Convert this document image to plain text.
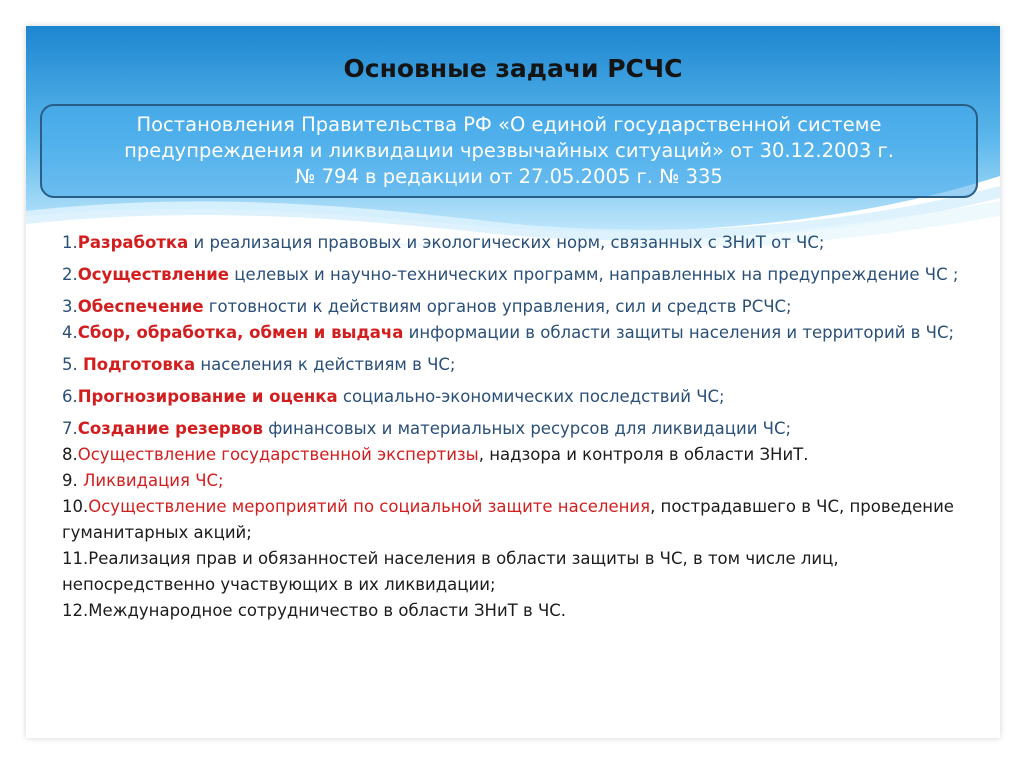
Основные задачи РСЧС

Постановления Правительства РФ «О единой государственной системе
предупреждения и ликвидации чрезвычайных ситуаций» от 30.12.2003 г.
№ 794 в редакции от 27.05.2005 г. № 335

1.Разработка и реализация правовых и экологических норм, связанных с ЗНиТ от ЧС;

2.Осуществление целевых и научно-технических программ, направленных на предупреждение ЧС ;

3.Обеспечение готовности к действиям органов управления, сил и средств РСЧС;

4.Сбор, обработка, обмен и выдача информации в области защиты населения и территорий в ЧС;

5. Подготовка населения к действиям в ЧС;

6.Прогнозирование и оценка социально-экономических последствий ЧС;

7.Создание резервов финансовых и материальных ресурсов для ликвидации ЧС;

8.Осуществление государственной экспертизы, надзора и контроля в области ЗНиТ.

9. Ликвидация ЧС;

10.Осуществление мероприятий по социальной защите населения, пострадавшего в ЧС, проведение гуманитарных акций;

11.Реализация прав и обязанностей населения в области защиты в ЧС, в том числе лиц, непосредственно участвующих в их ликвидации;

12.Международное сотрудничество в области ЗНиТ в ЧС.
